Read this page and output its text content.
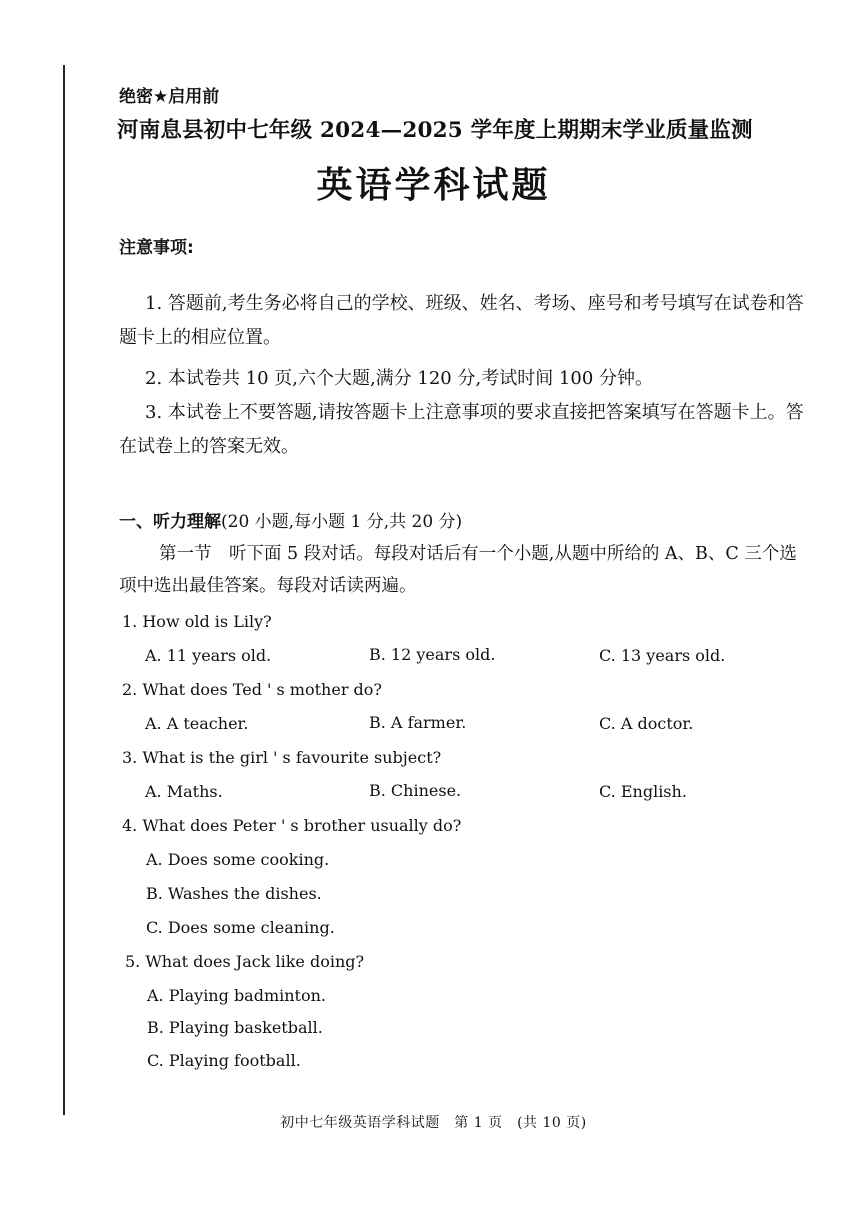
绝密★启用前
河南息县初中七年级 2024—2025 学年度上期期末学业质量监测
英语学科试题
注意事项:
1. 答题前,考生务必将自己的学校、班级、姓名、考场、座号和考号填写在试卷和答题卡上的相应位置。
2. 本试卷共 10 页,六个大题,满分 120 分,考试时间 100 分钟。
3. 本试卷上不要答题,请按答题卡上注意事项的要求直接把答案填写在答题卡上。答在试卷上的答案无效。
一、听力理解(20 小题,每小题 1 分,共 20 分)
第一节　听下面 5 段对话。每段对话后有一个小题,从题中所给的 A、B、C 三个选项中选出最佳答案。每段对话读两遍。
1. How old is Lily?
A. 11 years old.	B. 12 years old.	C. 13 years old.
2. What does Ted ' s mother do?
A. A teacher.	B. A farmer.	C. A doctor.
3. What is the girl ' s favourite subject?
A. Maths.	B. Chinese.	C. English.
4. What does Peter ' s brother usually do?
A. Does some cooking.
B. Washes the dishes.
C. Does some cleaning.
5. What does Jack like doing?
A. Playing badminton.
B. Playing basketball.
C. Playing football.
初中七年级英语学科试题　第 1 页　(共 10 页)
